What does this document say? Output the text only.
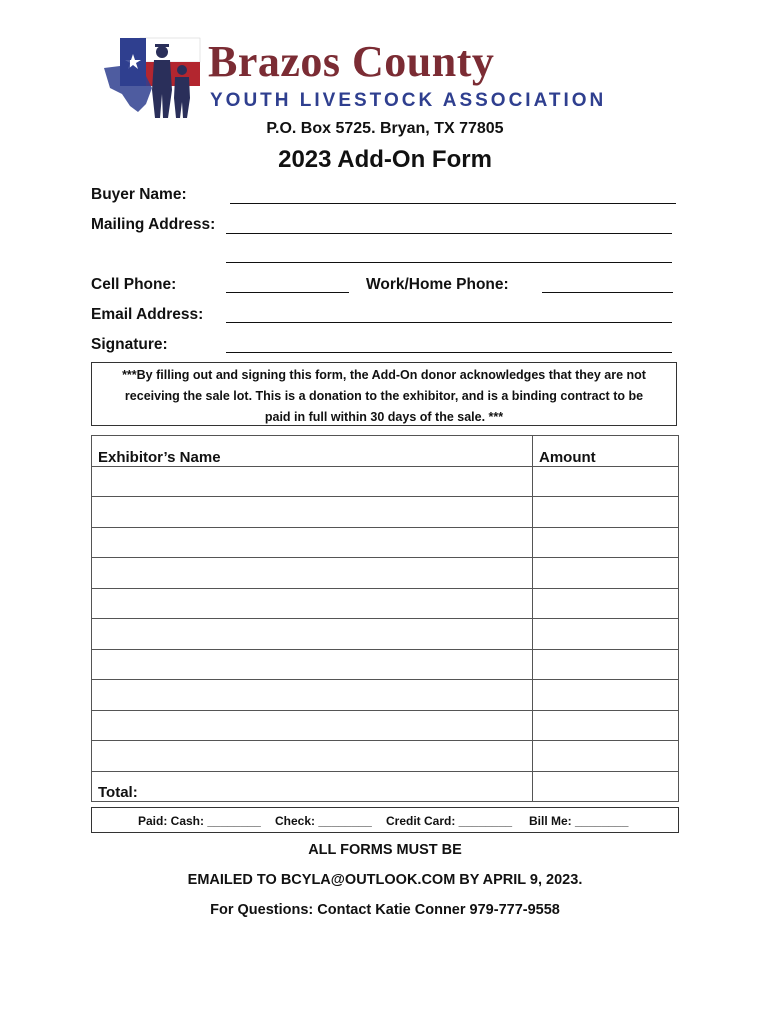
Brazos County
YOUTH LIVESTOCK ASSOCIATION
P.O. Box 5725. Bryan, TX 77805
2023 Add-On Form
Buyer Name:
Mailing Address:
Cell Phone:	Work/Home Phone:
Email Address:
Signature:
***By filling out and signing this form, the Add-On donor acknowledges that they are not
receiving the sale lot. This is a donation to the exhibitor, and is a binding contract to be
paid in full within 30 days of the sale. ***
Exhibitor’s Name	Amount

Total:	
Paid: Cash: ________ Check: ________ Credit Card: ________ Bill Me: ________
ALL FORMS MUST BE
EMAILED TO BCYLA@OUTLOOK.COM BY APRIL 9, 2023.
For Questions: Contact Katie Conner 979-777-9558
